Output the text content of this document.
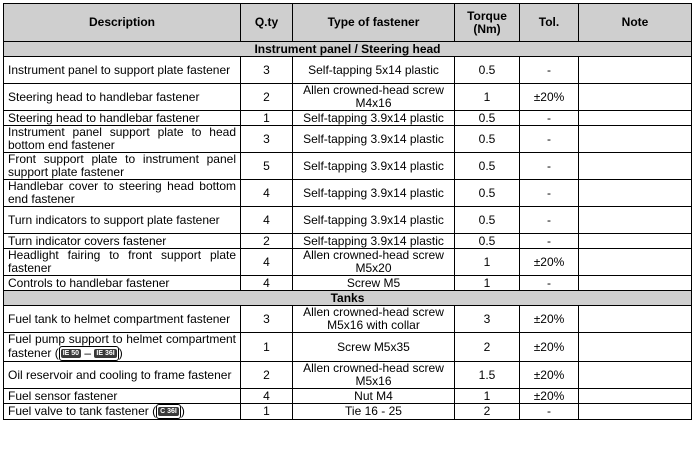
Description	Q.ty	Type of fastener	Torque (Nm)	Tol.	Note
Instrument panel / Steering head					
Instrument panel to support plate fastener	3	Self-tapping 5x14 plastic	0.5	-	
Steering head to handlebar fastener	2	Allen crowned-head screw M4x16	1	±20%	
Steering head to handlebar fastener	1	Self-tapping 3.9x14 plastic	0.5	-	
Instrument panel support plate to head bottom end fastener	3	Self-tapping 3.9x14 plastic	0.5	-	
Front support plate to instrument panel support plate fastener	5	Self-tapping 3.9x14 plastic	0.5	-	
Handlebar cover to steering head bottom end fastener	4	Self-tapping 3.9x14 plastic	0.5	-	
Turn indicators to support plate fastener	4	Self-tapping 3.9x14 plastic	0.5	-	
Turn indicator covers fastener	2	Self-tapping 3.9x14 plastic	0.5	-	
Headlight fairing to front support plate fastener	4	Allen crowned-head screw M5x20	1	±20%	
Controls to handlebar fastener	4	Screw M5	1	-	
Tanks					
Fuel tank to helmet compartment fastener	3	Allen crowned-head screw M5x16 with collar	3	±20%	
Fuel pump support to helmet compartment fastener ( IE 50 – IE 36I )	1	Screw M5x35	2	±20%	
Oil reservoir and cooling to frame fastener	2	Allen crowned-head screw M5x16	1.5	±20%	
Fuel sensor fastener	4	Nut M4	1	±20%	
Fuel valve to tank fastener ( C 36I )	1	Tie 16 - 25	2	-	
